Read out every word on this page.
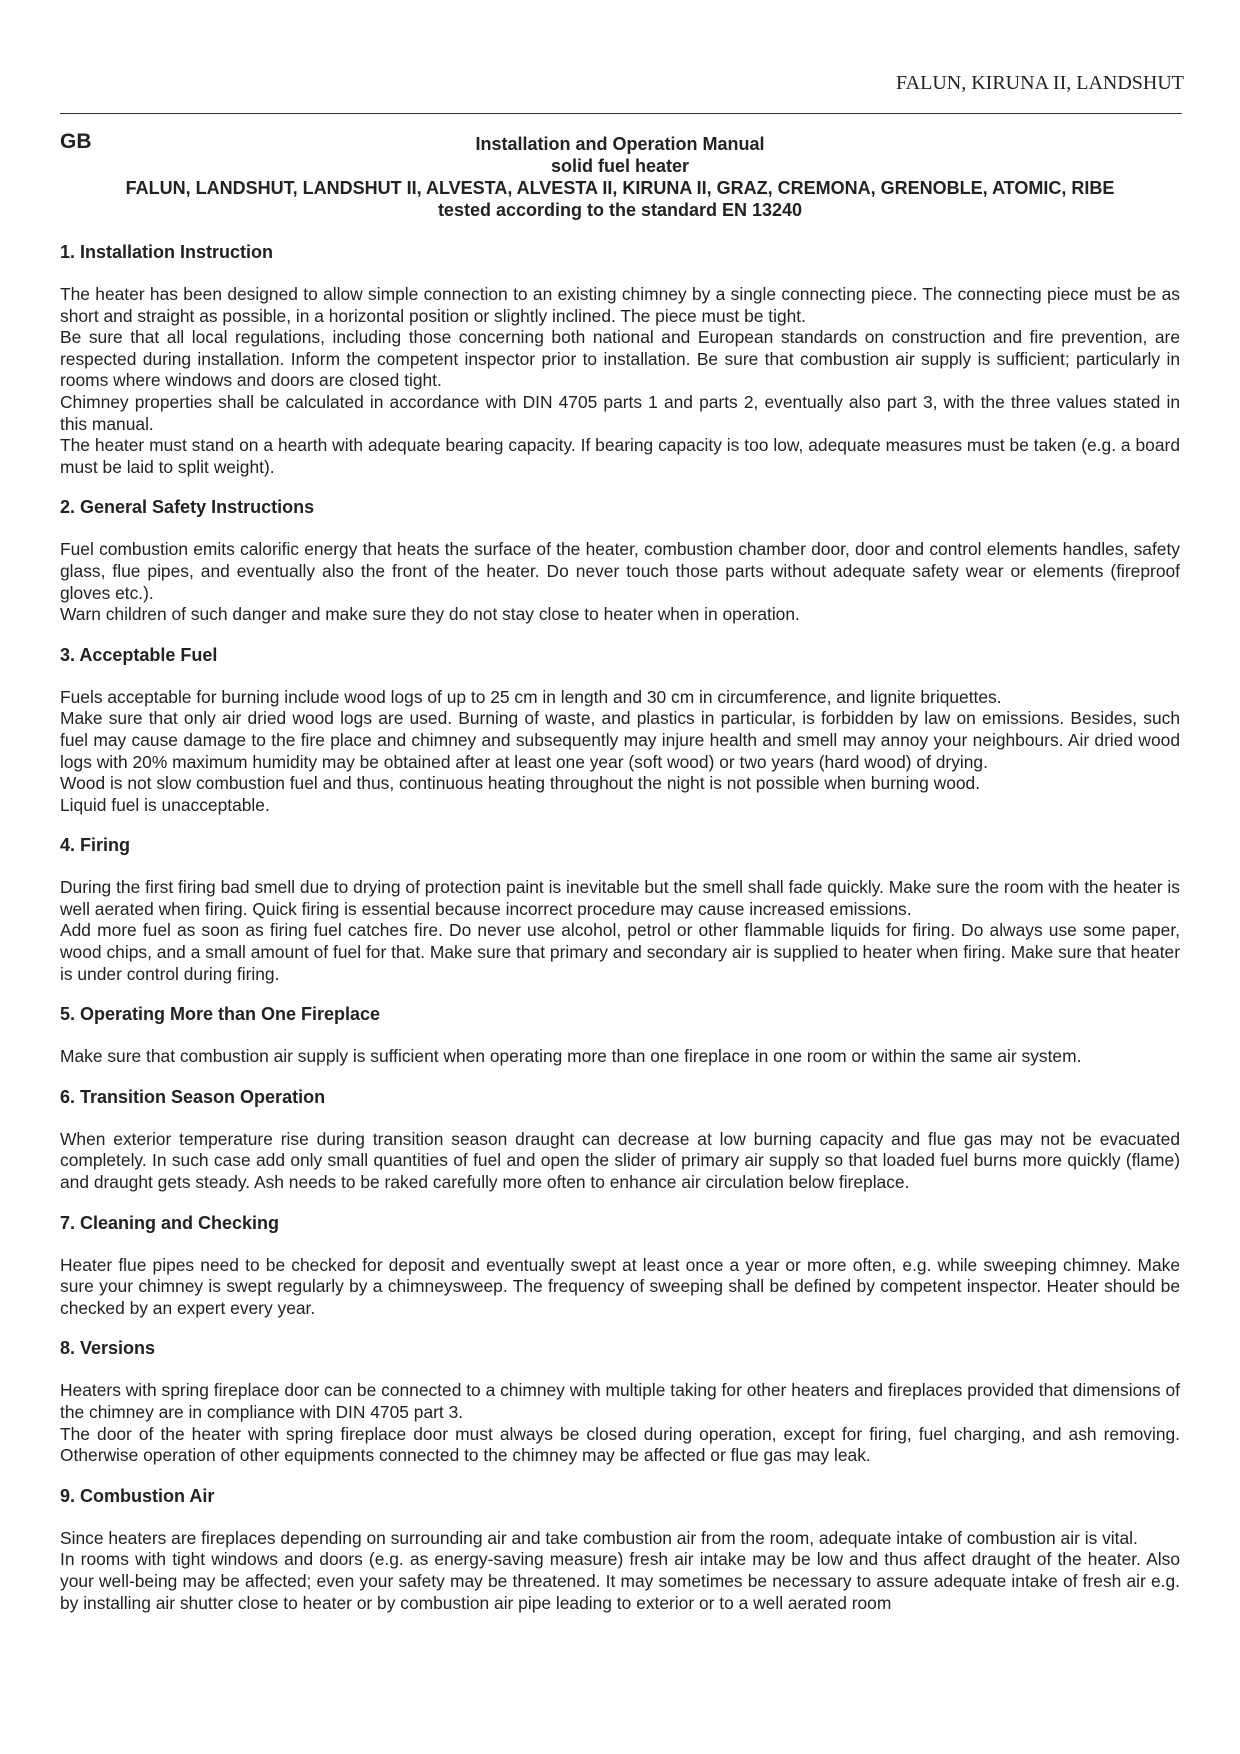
FALUN, KIRUNA II, LANDSHUT
GB	Installation and Operation Manual
solid fuel heater
FALUN, LANDSHUT, LANDSHUT II, ALVESTA, ALVESTA II, KIRUNA II, GRAZ, CREMONA, GRENOBLE, ATOMIC, RIBE
tested according to the standard EN 13240
1. Installation Instruction
The heater has been designed to allow simple connection to an existing chimney by a single connecting piece. The connecting piece must be as short and straight as possible, in a horizontal position or slightly inclined. The piece must be tight.
Be sure that all local regulations, including those concerning both national and European standards on construction and fire prevention, are respected during installation. Inform the competent inspector prior to installation. Be sure that combustion air supply is sufficient; particularly in rooms where windows and doors are closed tight.
Chimney properties shall be calculated in accordance with DIN 4705 parts 1 and parts 2, eventually also part 3, with the three values stated in this manual.
The heater must stand on a hearth with adequate bearing capacity. If bearing capacity is too low, adequate measures must be taken (e.g. a board must be laid to split weight).
2. General Safety Instructions
Fuel combustion emits calorific energy that heats the surface of the heater, combustion chamber door, door and control elements handles, safety glass, flue pipes, and eventually also the front of the heater. Do never touch those parts without adequate safety wear or elements (fireproof gloves etc.).
Warn children of such danger and make sure they do not stay close to heater when in operation.
3. Acceptable Fuel
Fuels acceptable for burning include wood logs of up to 25 cm in length and 30 cm in circumference, and lignite briquettes.
Make sure that only air dried wood logs are used. Burning of waste, and plastics in particular, is forbidden by law on emissions. Besides, such fuel may cause damage to the fire place and chimney and subsequently may injure health and smell may annoy your neighbours. Air dried wood logs with 20% maximum humidity may be obtained after at least one year (soft wood) or two years (hard wood) of drying.
Wood is not slow combustion fuel and thus, continuous heating throughout the night is not possible when burning wood.
Liquid fuel is unacceptable.
4. Firing
During the first firing bad smell due to drying of protection paint is inevitable but the smell shall fade quickly. Make sure the room with the heater is well aerated when firing. Quick firing is essential because incorrect procedure may cause increased emissions.
Add more fuel as soon as firing fuel catches fire. Do never use alcohol, petrol or other flammable liquids for firing. Do always use some paper, wood chips, and a small amount of fuel for that. Make sure that primary and secondary air is supplied to heater when firing. Make sure that heater is under control during firing.
5. Operating More than One Fireplace
Make sure that combustion air supply is sufficient when operating more than one fireplace in one room or within the same air system.
6. Transition Season Operation
When exterior temperature rise during transition season draught can decrease at low burning capacity and flue gas may not be evacuated completely. In such case add only small quantities of fuel and open the slider of primary air supply so that loaded fuel burns more quickly (flame) and draught gets steady. Ash needs to be raked carefully more often to enhance air circulation below fireplace.
7. Cleaning and Checking
Heater flue pipes need to be checked for deposit and eventually swept at least once a year or more often, e.g. while sweeping chimney. Make sure your chimney is swept regularly by a chimneysweep. The frequency of sweeping shall be defined by competent inspector. Heater should be checked by an expert every year.
8. Versions
Heaters with spring fireplace door can be connected to a chimney with multiple taking for other heaters and fireplaces provided that dimensions of the chimney are in compliance with DIN 4705 part 3.
The door of the heater with spring fireplace door must always be closed during operation, except for firing, fuel charging, and ash removing. Otherwise operation of other equipments connected to the chimney may be affected or flue gas may leak.
9. Combustion Air
Since heaters are fireplaces depending on surrounding air and take combustion air from the room, adequate intake of combustion air is vital.
In rooms with tight windows and doors (e.g. as energy-saving measure) fresh air intake may be low and thus affect draught of the heater. Also your well-being may be affected; even your safety may be threatened. It may sometimes be necessary to assure adequate intake of fresh air e.g. by installing air shutter close to heater or by combustion air pipe leading to exterior or to a well aerated room
